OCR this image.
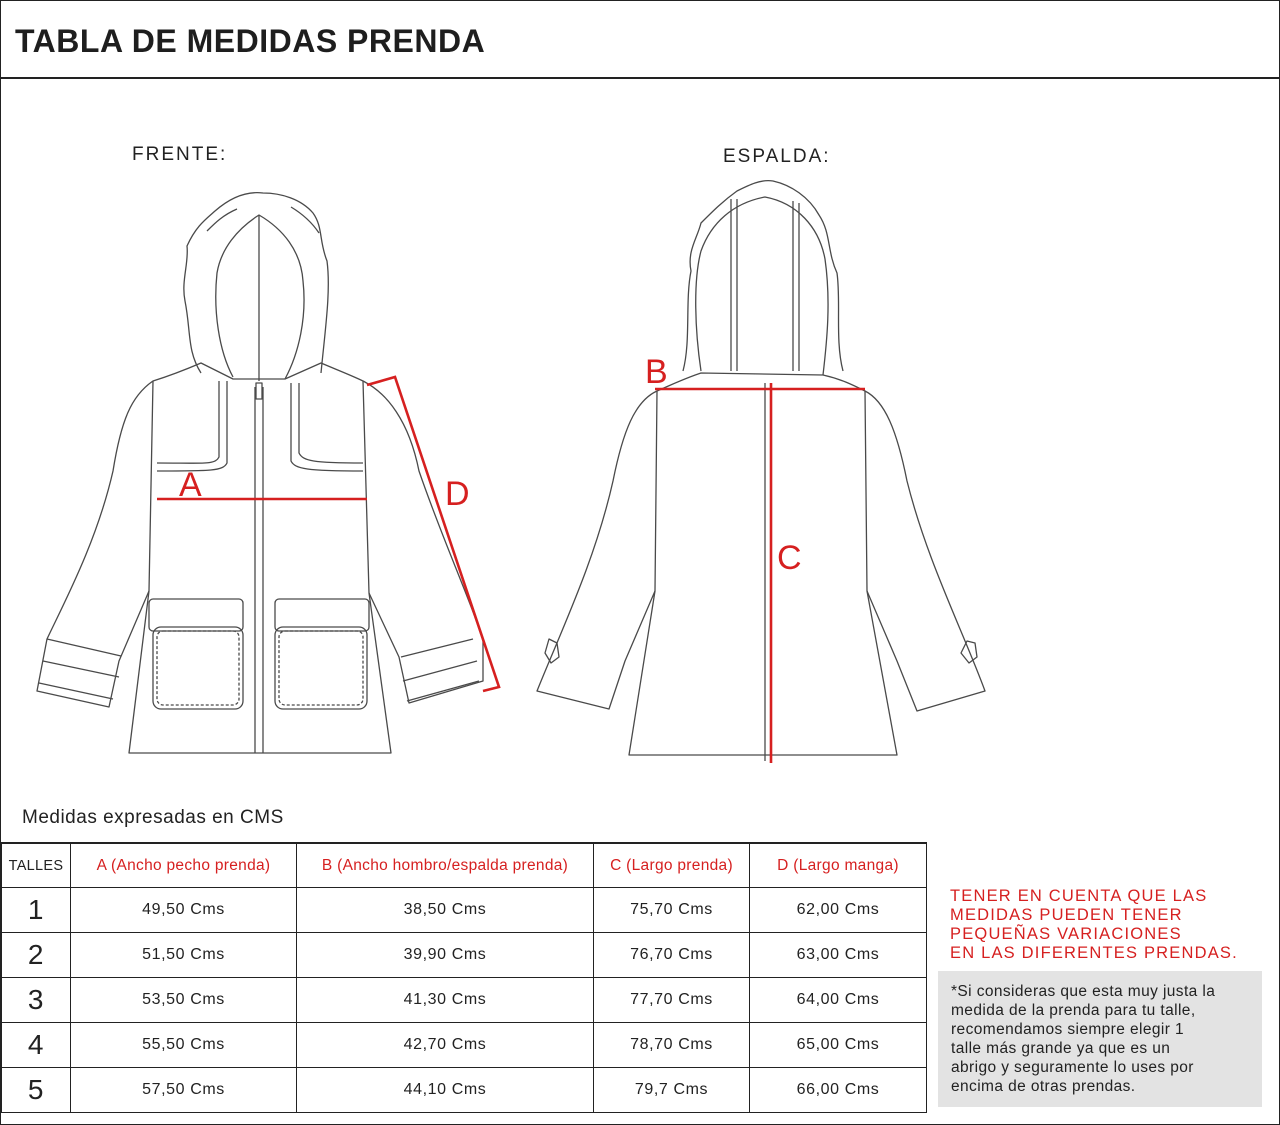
TABLA DE MEDIDAS PRENDA
FRENTE:	ESPALDA:
A
B
C
D
Medidas expresadas en CMS
TALLES	A (Ancho pecho prenda)	B (Ancho hombro/espalda prenda)	C (Largo prenda)	D (Largo manga)
1	49,50 Cms	38,50 Cms	75,70 Cms	62,00 Cms
2	51,50 Cms	39,90 Cms	76,70 Cms	63,00 Cms
3	53,50 Cms	41,30 Cms	77,70 Cms	64,00 Cms
4	55,50 Cms	42,70 Cms	78,70 Cms	65,00 Cms
5	57,50 Cms	44,10 Cms	79,7 Cms	66,00 Cms
TENER EN CUENTA QUE LAS
MEDIDAS PUEDEN TENER
PEQUEÑAS VARIACIONES
EN LAS DIFERENTES PRENDAS.
*Si consideras que esta muy justa la
medida de la prenda para tu talle,
recomendamos siempre elegir 1
talle más grande ya que es un
abrigo y seguramente lo uses por
encima de otras prendas.
